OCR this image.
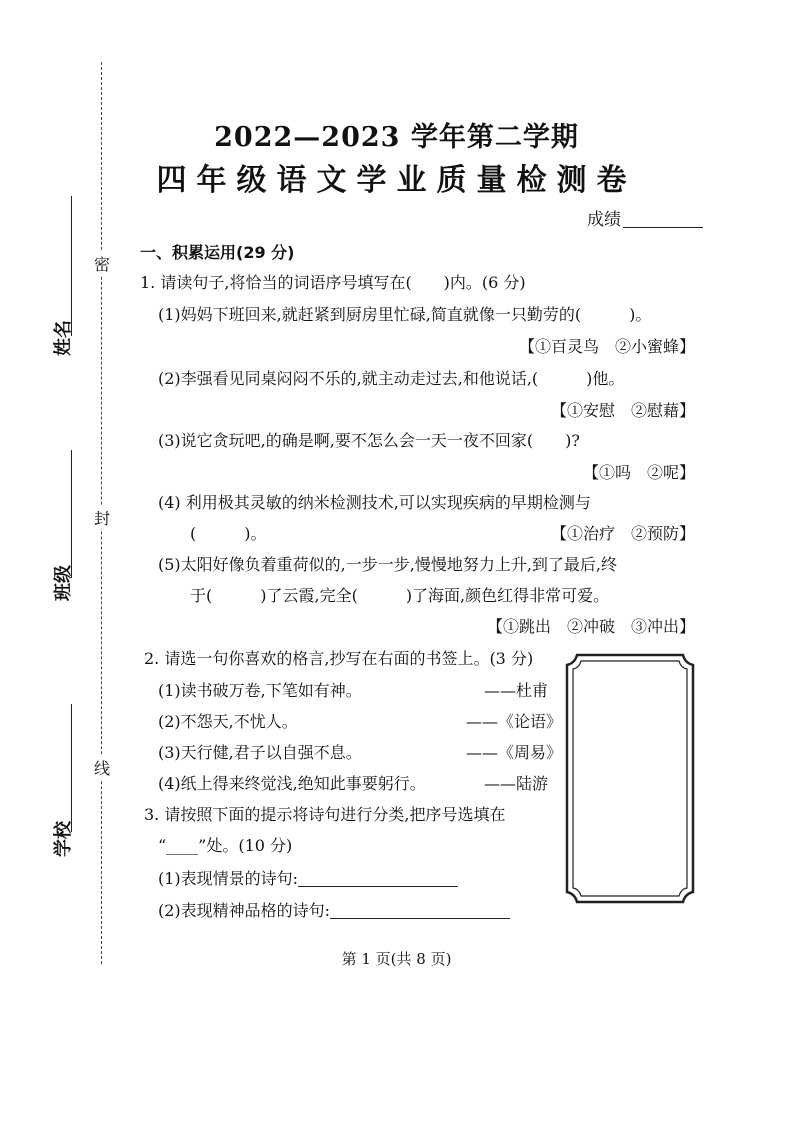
密
封
线
姓名
班级
学校
2022—2023 学年第二学期
四年级语文学业质量检测卷
成绩
一、积累运用(29 分)
1. 请读句子,将恰当的词语序号填写在(　　)内。(6 分)
(1)妈妈下班回来,就赶紧到厨房里忙碌,简直就像一只勤劳的(　　　)。
【①百灵鸟　②小蜜蜂】
(2)李强看见同桌闷闷不乐的,就主动走过去,和他说话,(　　　)他。
【①安慰　②慰藉】
(3)说它贪玩吧,的确是啊,要不怎么会一天一夜不回家(　　)?
【①吗　②呢】
(4) 利用极其灵敏的纳米检测技术,可以实现疾病的早期检测与
(　　　)。	【①治疗　②预防】
(5)太阳好像负着重荷似的,一步一步,慢慢地努力上升,到了最后,终
于(　　　)了云霞,完全(　　　)了海面,颜色红得非常可爱。
【①跳出　②冲破　③冲出】
2. 请选一句你喜欢的格言,抄写在右面的书签上。(3 分)
(1)读书破万卷,下笔如有神。	——杜甫
(2)不怨天,不忧人。	——《论语》
(3)天行健,君子以自强不息。	——《周易》
(4)纸上得来终觉浅,绝知此事要躬行。	——陆游
3. 请按照下面的提示将诗句进行分类,把序号选填在
“____”处。(10 分)
(1)表现情景的诗句:
(2)表现精神品格的诗句:
第 1 页(共 8 页)
